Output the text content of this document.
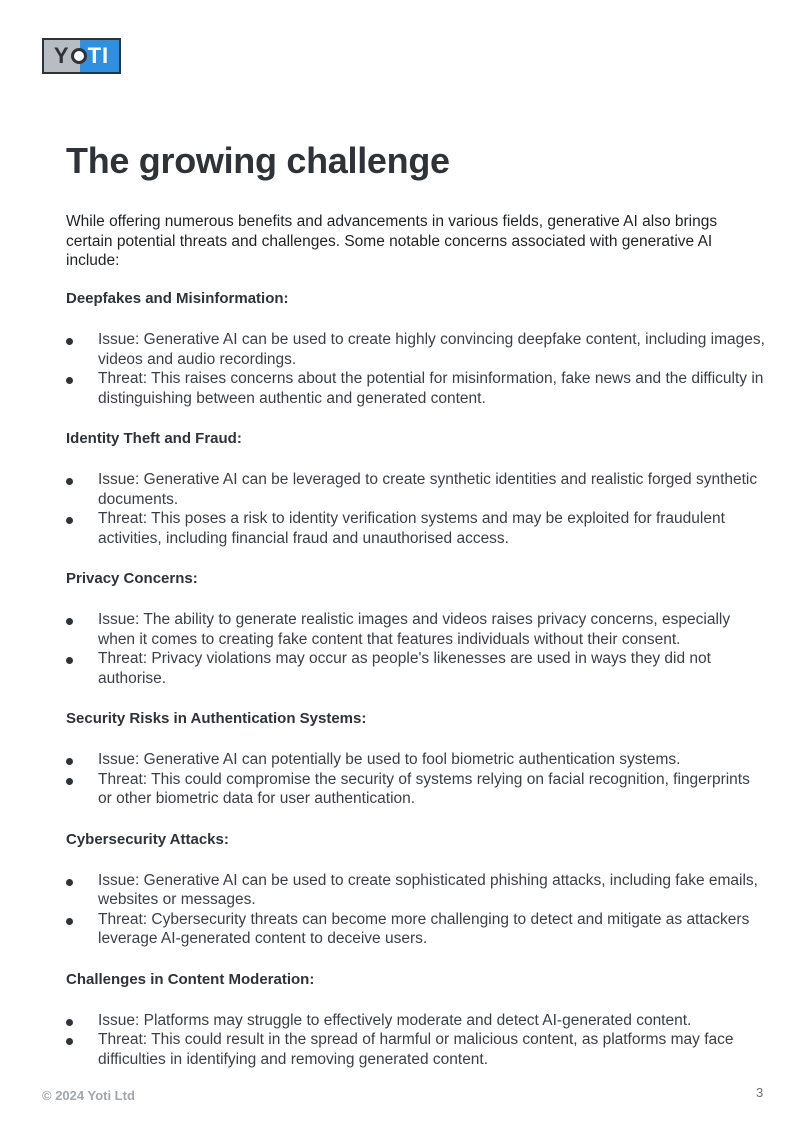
Y TI
The growing challenge

While offering numerous benefits and advancements in various fields, generative AI also brings certain potential threats and challenges. Some notable concerns associated with generative AI include:

Deepfakes and Misinformation:
Issue: Generative AI can be used to create highly convincing deepfake content, including images, videos and audio recordings.
Threat: This raises concerns about the potential for misinformation, fake news and the difficulty in distinguishing between authentic and generated content.
Identity Theft and Fraud:
Issue: Generative AI can be leveraged to create synthetic identities and realistic forged synthetic documents.
Threat: This poses a risk to identity verification systems and may be exploited for fraudulent activities, including financial fraud and unauthorised access.
Privacy Concerns:
Issue: The ability to generate realistic images and videos raises privacy concerns, especially when it comes to creating fake content that features individuals without their consent.
Threat: Privacy violations may occur as people's likenesses are used in ways they did not authorise.
Security Risks in Authentication Systems:
Issue: Generative AI can potentially be used to fool biometric authentication systems.
Threat: This could compromise the security of systems relying on facial recognition, fingerprints or other biometric data for user authentication.
Cybersecurity Attacks:
Issue: Generative AI can be used to create sophisticated phishing attacks, including fake emails, websites or messages.
Threat: Cybersecurity threats can become more challenging to detect and mitigate as attackers leverage AI-generated content to deceive users.
Challenges in Content Moderation:
Issue: Platforms may struggle to effectively moderate and detect AI-generated content.
Threat: This could result in the spread of harmful or malicious content, as platforms may face difficulties in identifying and removing generated content.
© 2024 Yoti Ltd	3
